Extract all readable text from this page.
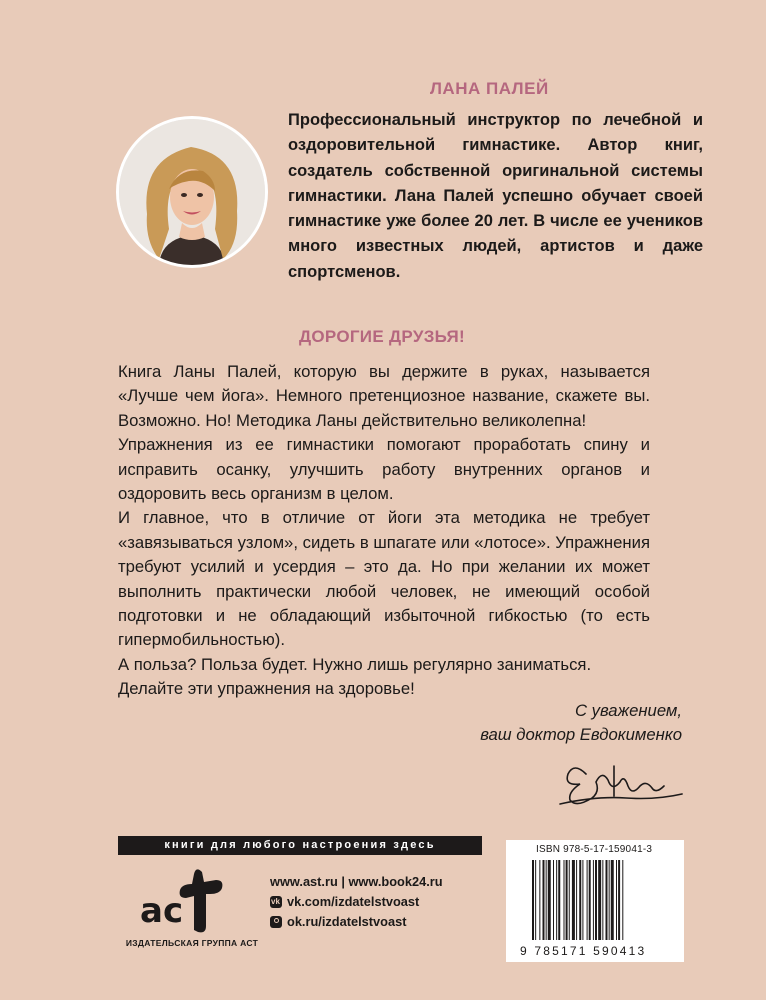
ЛАНА ПАЛЕЙ
Профессиональный инструктор по лечебной и оздоровительной гимнастике. Автор книг, создатель собственной оригинальной системы гимнастики. Лана Палей успешно обучает своей гимнастике уже более 20 лет. В числе ее учеников много известных людей, артистов и даже спортсменов.
ДОРОГИЕ ДРУЗЬЯ!

Книга Ланы Палей, которую вы держите в руках, называется «Лучше чем йога». Немного претенциозное название, скажете вы. Возможно. Но! Методика Ланы действительно великолепна!

Упражнения из ее гимнастики помогают проработать спину и исправить осанку, улучшить работу внутренних органов и оздоровить весь организм в целом.

И главное, что в отличие от йоги эта методика не требует «завязываться узлом», сидеть в шпагате или «лотосе». Упражнения требуют усилий и усердия – это да. Но при желании их может выполнить практически любой человек, не имеющий особой подготовки и не обладающий избыточной гибкостью (то есть гипермобильностью).

А польза? Польза будет. Нужно лишь регулярно заниматься.

Делайте эти упражнения на здоровье!

С уважением,
ваш доктор Евдокименко
книги для любого настроения здесь
ас
ИЗДАТЕЛЬСКАЯ ГРУППА АСТ
www.ast.ru | www.book24.ru
vk
vk.com/izdatelstvoast
ok.ru/izdatelstvoast
ISBN 978-5-17-159041-3
9 785171 590413
